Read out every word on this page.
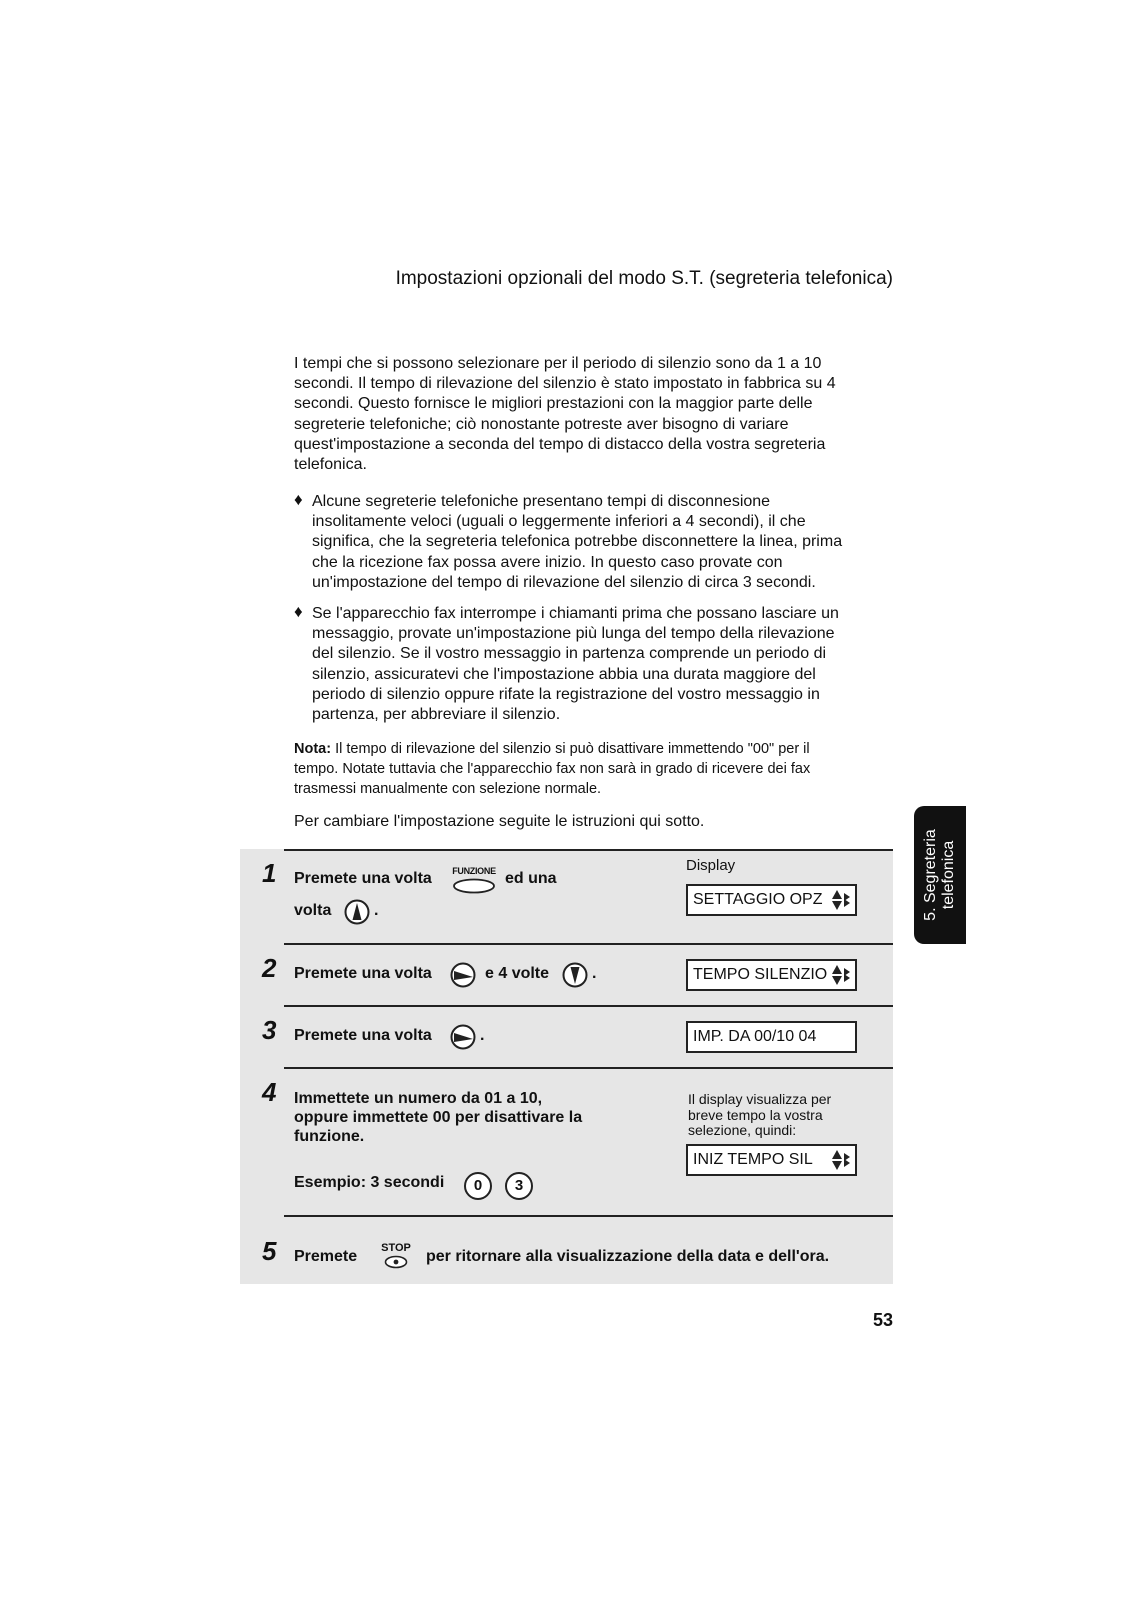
Impostazioni opzionali del modo S.T. (segreteria telefonica)
I tempi che si possono selezionare per il periodo di silenzio sono da 1 a 10
secondi. Il tempo di rilevazione del silenzio è stato impostato in fabbrica su 4
secondi. Questo fornisce le migliori prestazioni con la maggior parte delle
segreterie telefoniche; ciò nonostante potreste aver bisogno di variare
quest'impostazione a seconda del tempo di distacco della vostra segreteria
telefonica.
♦ Alcune segreterie telefoniche presentano tempi di disconnesione
insolitamente veloci (uguali o leggermente inferiori a 4 secondi), il che
significa, che la segreteria telefonica potrebbe disconnettere la linea, prima
che la ricezione fax possa avere inizio. In questo caso provate con
un'impostazione del tempo di rilevazione del silenzio di circa 3 secondi.
♦ Se l'apparecchio fax interrompe i chiamanti prima che possano lasciare un
messaggio, provate un'impostazione più lunga del tempo della rilevazione
del silenzio. Se il vostro messaggio in partenza comprende un periodo di
silenzio, assicuratevi che l'impostazione abbia una durata maggiore del
periodo di silenzio oppure rifate la registrazione del vostro messaggio in
partenza, per abbreviare il silenzio.
Nota: Il tempo di rilevazione del silenzio si può disattivare immettendo "00" per il
tempo. Notate tuttavia che l'apparecchio fax non sarà in grado di ricevere dei fax
trasmessi manualmente con selezione normale.
Per cambiare l'impostazione seguite le istruzioni qui sotto.
Display
1 Premete una volta	FUNZIONE ed una
volta	.
SETTAGGIO OPZ
2 Premete una volta	e 4 volte	.	TEMPO SILENZIO
3 Premete una volta	.	IMP. DA 00/10 04
4 Immettete un numero da 01 a 10,
oppure immettete 00 per disattivare la
funzione.
Esempio: 3 secondi	0	3
Il display visualizza per
breve tempo la vostra
selezione, quindi:
INIZ TEMPO SIL
5 Premete STOP per ritornare alla visualizzazione della data e dell'ora.
5. Segreteria telefonica
53
